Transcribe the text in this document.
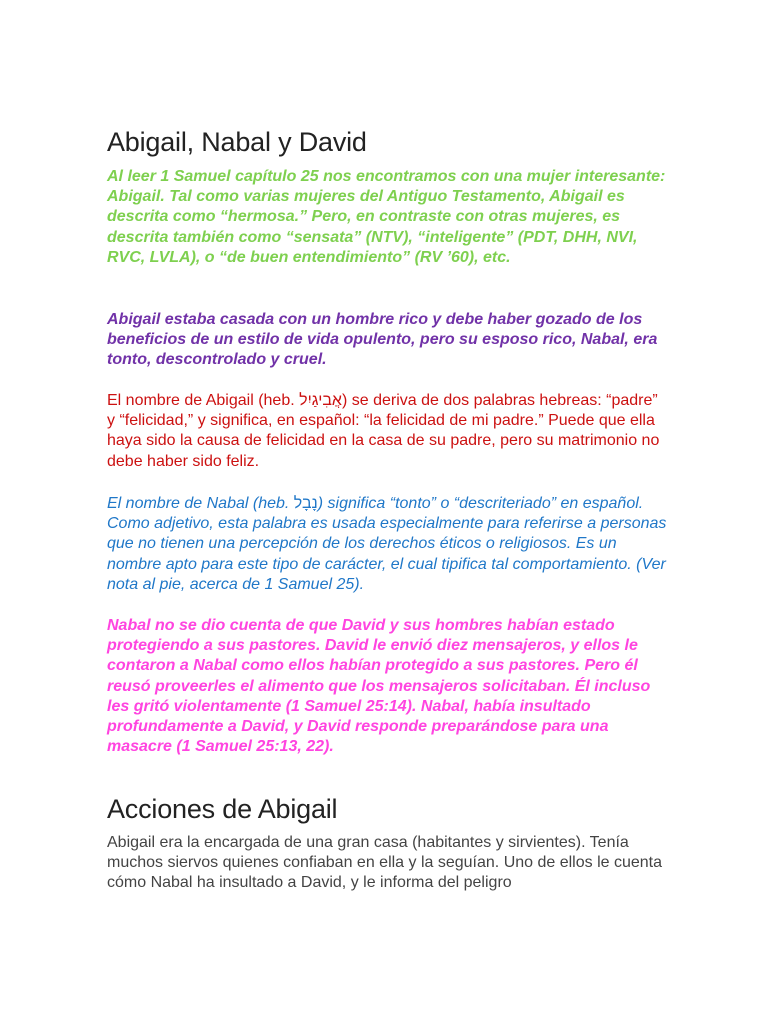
Abigail, Nabal y David

Al leer 1 Samuel capítulo 25 nos encontramos con una mujer interesante: Abigail. Tal como varias mujeres del Antiguo Testamento, Abigail es descrita como “hermosa.” Pero, en contraste con otras mujeres, es descrita también como “sensata” (NTV), “inteligente” (PDT, DHH, NVI, RVC, LVLA), o “de buen entendimiento” (RV ’60), etc.

Abigail estaba casada con un hombre rico y debe haber gozado de los beneficios de un estilo de vida opulento, pero su esposo rico, Nabal, era tonto, descontrolado y cruel.

El nombre de Abigail (heb. אֲבִיגַיִל) se deriva de dos palabras hebreas: “padre” y “felicidad,” y significa, en español: “la felicidad de mi padre.” Puede que ella haya sido la causa de felicidad en la casa de su padre, pero su matrimonio no debe haber sido feliz.

El nombre de Nabal (heb. נָבָל) significa “tonto” o “descriteriado” en español. Como adjetivo, esta palabra es usada especialmente para referirse a personas que no tienen una percepción de los derechos éticos o religiosos. Es un nombre apto para este tipo de carácter, el cual tipifica tal comportamiento. (Ver nota al pie, acerca de 1 Samuel 25).

Nabal no se dio cuenta de que David y sus hombres habían estado protegiendo a sus pastores. David le envió diez mensajeros, y ellos le contaron a Nabal como ellos habían protegido a sus pastores. Pero él reusó proveerles el alimento que los mensajeros solicitaban. Él incluso les gritó violentamente (1 Samuel 25:14). Nabal, había insultado profundamente a David, y David responde preparándose para una masacre (1 Samuel 25:13, 22).

Acciones de Abigail

Abigail era la encargada de una gran casa (habitantes y sirvientes). Tenía muchos siervos quienes confiaban en ella y la seguían. Uno de ellos le cuenta cómo Nabal ha insultado a David, y le informa del peligro
